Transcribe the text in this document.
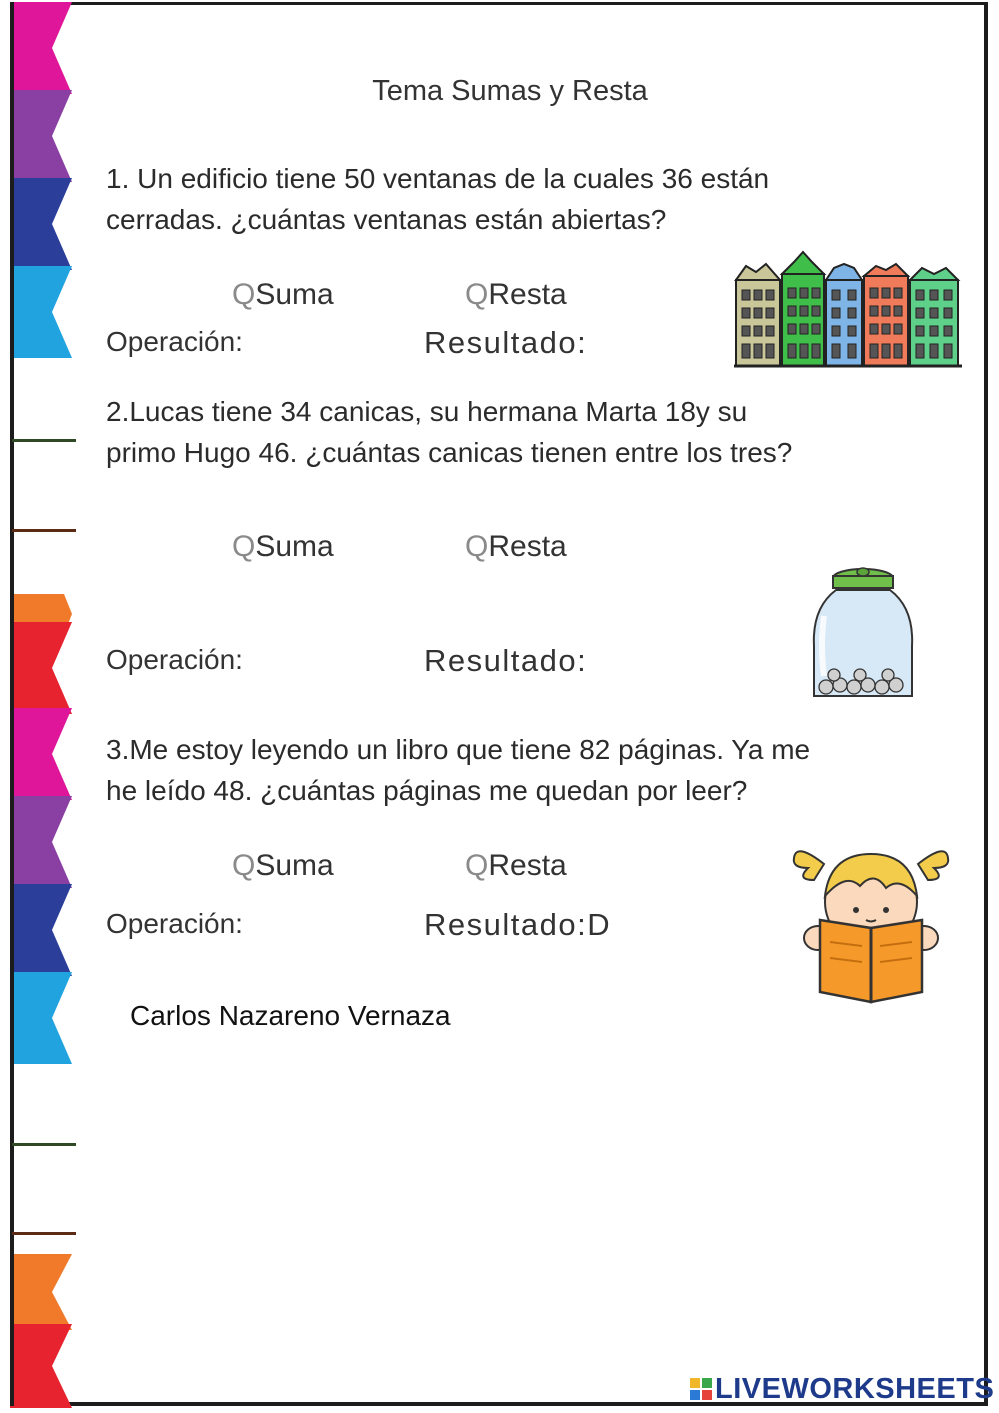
Tema Sumas y Resta
1. Un edificio tiene 50 ventanas de la cuales 36 están
cerradas. ¿cuántas ventanas están abiertas?
QSuma	QResta
Operación:	Resultado:
2.Lucas tiene 34 canicas, su hermana Marta 18y su
primo Hugo 46. ¿cuántas canicas tienen entre los tres?
QSuma	QResta
Operación:	Resultado:
3.Me estoy leyendo un libro que tiene 82 páginas. Ya me
he leído 48. ¿cuántas páginas me quedan por leer?
QSuma	QResta
Operación:	Resultado:D
Carlos Nazareno Vernaza
LIVEWORKSHEETS
